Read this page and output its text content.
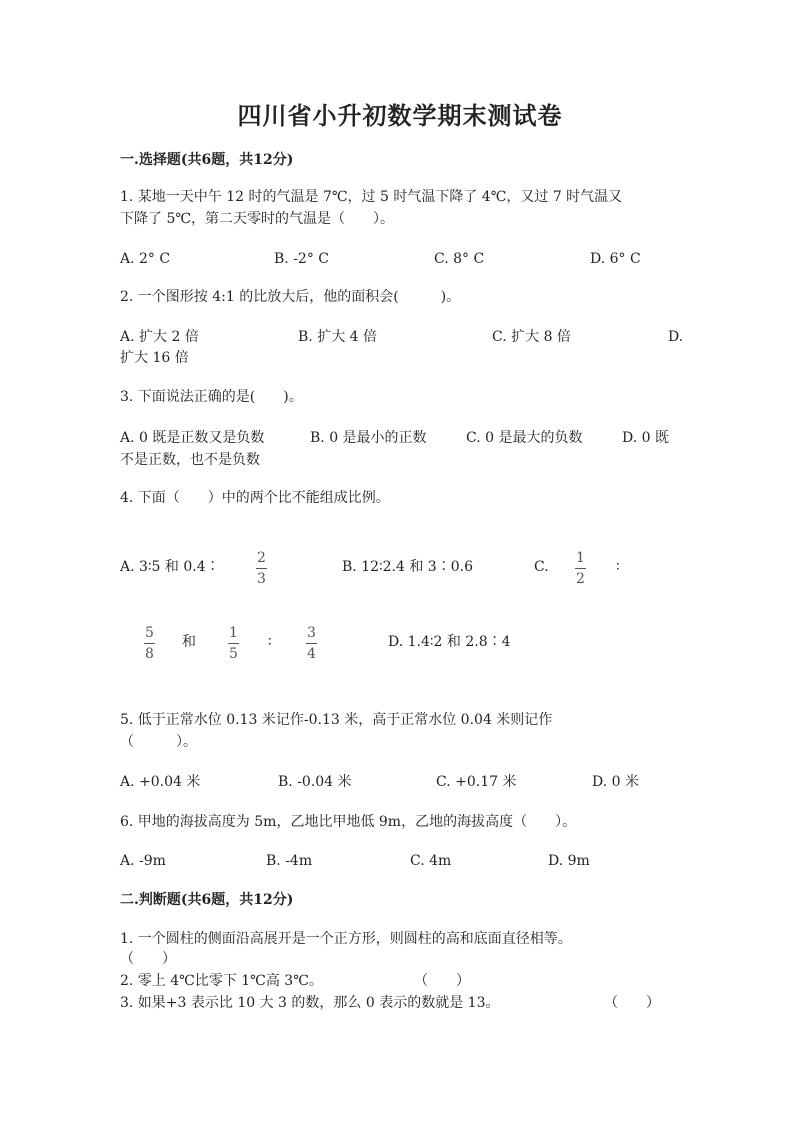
四川省小升初数学期末测试卷
一.选择题(共6题，共12分)
1. 某地一天中午 12 时的气温是 7℃，过 5 时气温下降了 4℃，又过 7 时气温又
下降了 5℃，第二天零时的气温是（　　）。
A. 2° C	B. -2° C	C. 8° C	D. 6° C
2. 一个图形按 4:1 的比放大后，他的面积会(　　　)。
A. 扩大 2 倍	B. 扩大 4 倍	C. 扩大 8 倍	D.
扩大 16 倍
3. 下面说法正确的是(　　)。
A. 0 既是正数又是负数	B. 0 是最小的正数	C. 0 是最大的负数	D. 0 既
不是正数，也不是负数
4. 下面（　　）中的两个比不能组成比例。
A. 3∶5 和 0.4∶
2
3
B. 12∶2.4 和 3∶0.6	C.
1
2
∶
5
8
和
1
5
∶
3
4
D. 1.4∶2 和 2.8∶4
5. 低于正常水位 0.13 米记作-0.13 米，高于正常水位 0.04 米则记作
（　　　）。
A. +0.04 米	B. -0.04 米	C. +0.17 米	D. 0 米
6. 甲地的海拔高度为 5m，乙地比甲地低 9m，乙地的海拔高度（　　）。
A. -9m	B. -4m	C. 4m	D. 9m
二.判断题(共6题，共12分)
1. 一个圆柱的侧面沿高展开是一个正方形，则圆柱的高和底面直径相等。
（　　）
2. 零上 4℃比零下 1℃高 3℃。	（　　）
3. 如果+3 表示比 10 大 3 的数，那么 0 表示的数就是 13。	（　　）
